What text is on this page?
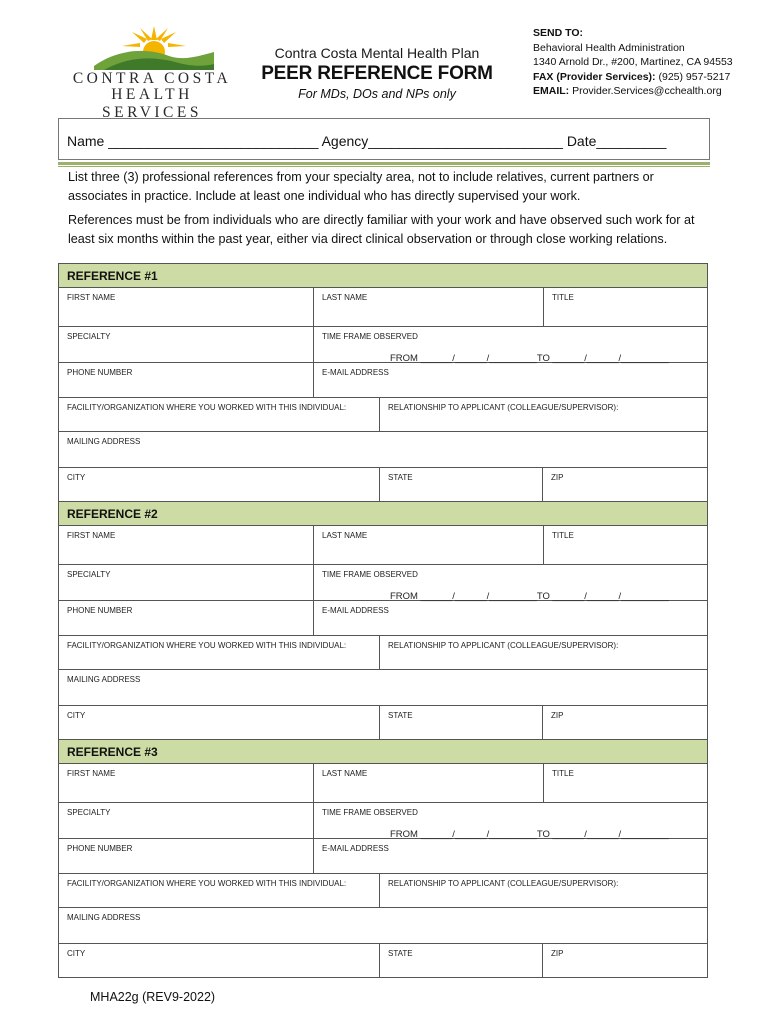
CONTRA COSTA
HEALTH SERVICES
Contra Costa Mental Health Plan
PEER REFERENCE FORM
For MDs, DOs and NPs only
SEND TO:
Behavioral Health Administration
1340 Arnold Dr., #200, Martinez, CA 94553
FAX (Provider Services): (925) 957-5217
EMAIL: Provider.Services@cchealth.org
Name ___________________________ Agency_________________________ Date_________
List three (3) professional references from your specialty area, not to include relatives, current partners or associates in practice. Include at least one individual who has directly supervised your work.
References must be from individuals who are directly familiar with your work and have observed such work for at least six months within the past year, either via direct clinical observation or through close working relations.
REFERENCE #1
FIRST NAME	LAST NAME	TITLE
SPECIALTY	TIME FRAME OBSERVED
FROM ______/______/_________TO ______/______/_________
PHONE NUMBER	E-MAIL ADDRESS
FACILITY/ORGANIZATION WHERE YOU WORKED WITH THIS INDIVIDUAL:	RELATIONSHIP TO APPLICANT (COLLEAGUE/SUPERVISOR):
MAILING ADDRESS
CITY	STATE	ZIP
REFERENCE #2
FIRST NAME	LAST NAME	TITLE
SPECIALTY	TIME FRAME OBSERVED
FROM ______/______/_________TO ______/______/_________
PHONE NUMBER	E-MAIL ADDRESS
FACILITY/ORGANIZATION WHERE YOU WORKED WITH THIS INDIVIDUAL:	RELATIONSHIP TO APPLICANT (COLLEAGUE/SUPERVISOR):
MAILING ADDRESS
CITY	STATE	ZIP
REFERENCE #3
FIRST NAME	LAST NAME	TITLE
SPECIALTY	TIME FRAME OBSERVED
FROM ______/______/_________TO ______/______/_________
PHONE NUMBER	E-MAIL ADDRESS
FACILITY/ORGANIZATION WHERE YOU WORKED WITH THIS INDIVIDUAL:	RELATIONSHIP TO APPLICANT (COLLEAGUE/SUPERVISOR):
MAILING ADDRESS
CITY	STATE	ZIP
MHA22g (REV9-2022)
